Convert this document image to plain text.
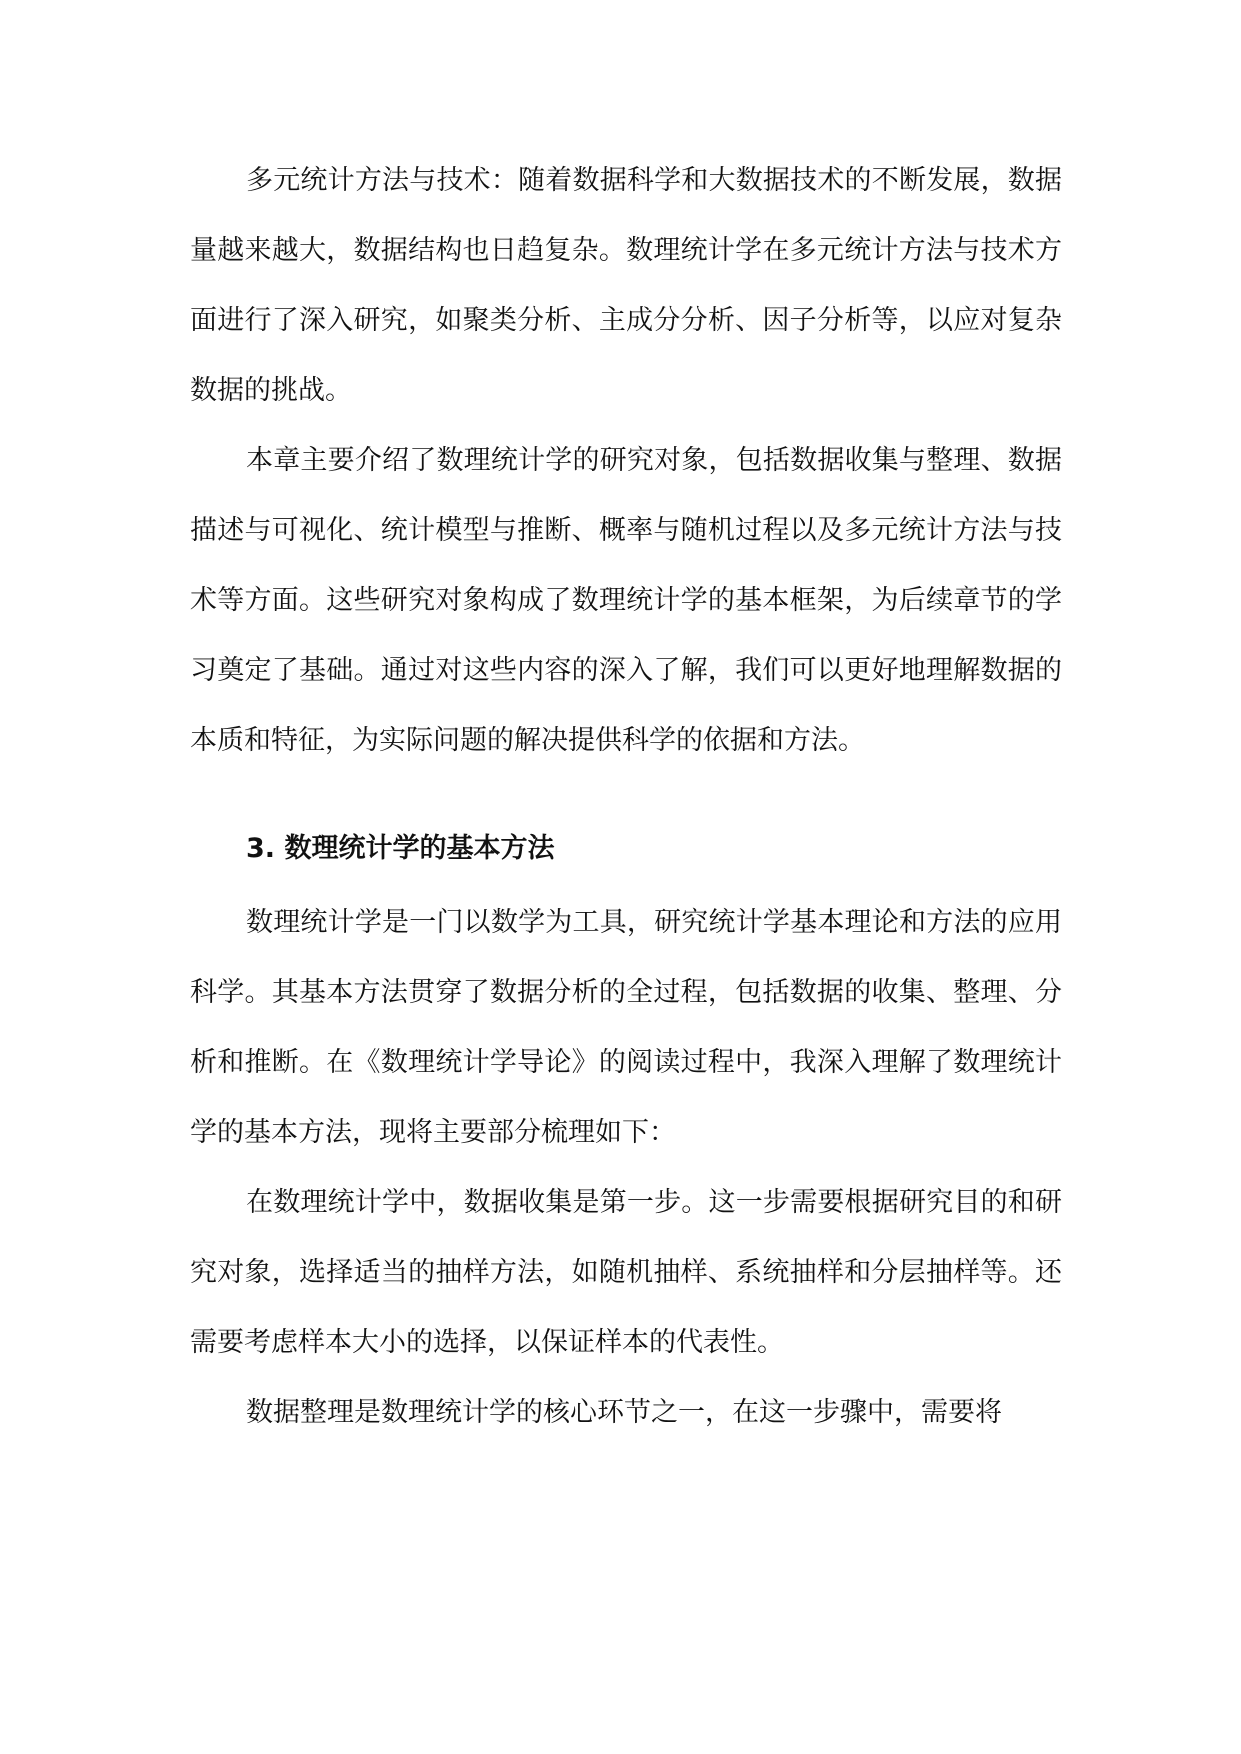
多元统计方法与技术：随着数据科学和大数据技术的不断发展，数据量越来越大，数据结构也日趋复杂。数理统计学在多元统计方法与技术方面进行了深入研究，如聚类分析、主成分分析、因子分析等，以应对复杂数据的挑战。

本章主要介绍了数理统计学的研究对象，包括数据收集与整理、数据描述与可视化、统计模型与推断、概率与随机过程以及多元统计方法与技术等方面。这些研究对象构成了数理统计学的基本框架，为后续章节的学习奠定了基础。通过对这些内容的深入了解，我们可以更好地理解数据的本质和特征，为实际问题的解决提供科学的依据和方法。

3. 数理统计学的基本方法

数理统计学是一门以数学为工具，研究统计学基本理论和方法的应用科学。其基本方法贯穿了数据分析的全过程，包括数据的收集、整理、分析和推断。在《数理统计学导论》的阅读过程中，我深入理解了数理统计学的基本方法，现将主要部分梳理如下：

在数理统计学中，数据收集是第一步。这一步需要根据研究目的和研究对象，选择适当的抽样方法，如随机抽样、系统抽样和分层抽样等。还需要考虑样本大小的选择，以保证样本的代表性。

数据整理是数理统计学的核心环节之一，在这一步骤中，需要将
